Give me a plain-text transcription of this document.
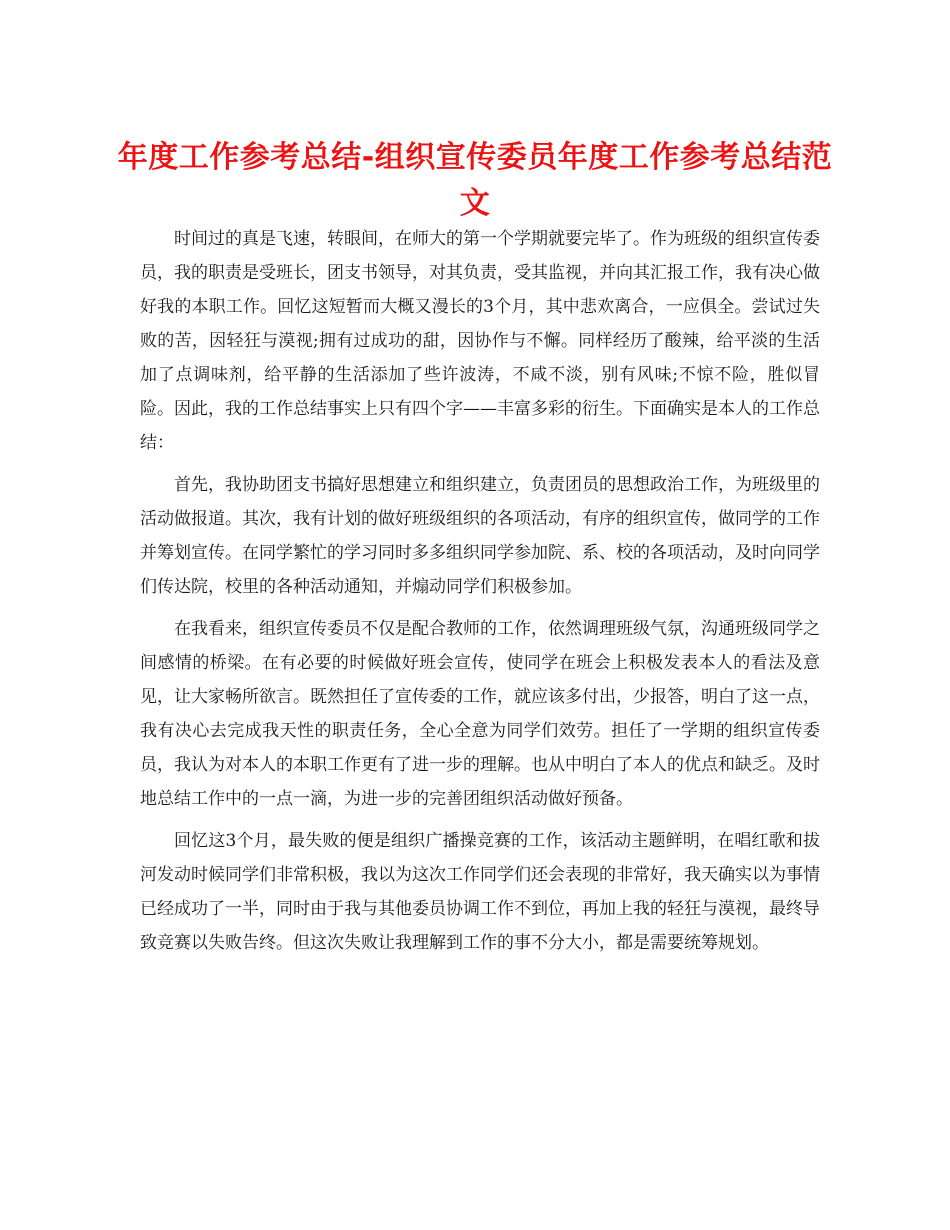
年度工作参考总结-组织宣传委员年度工作参考总结范文

时间过的真是飞速，转眼间，在师大的第一个学期就要完毕了。作为班级的组织宣传委员，我的职责是受班长，团支书领导，对其负责，受其监视，并向其汇报工作，我有决心做好我的本职工作。回忆这短暂而大概又漫长的3个月，其中悲欢离合，一应俱全。尝试过失败的苦，因轻狂与漠视;拥有过成功的甜，因协作与不懈。同样经历了酸辣，给平淡的生活加了点调味剂，给平静的生活添加了些许波涛，不咸不淡，别有风味;不惊不险，胜似冒险。因此，我的工作总结事实上只有四个字——丰富多彩的衍生。下面确实是本人的工作总结：

首先，我协助团支书搞好思想建立和组织建立，负责团员的思想政治工作，为班级里的活动做报道。其次，我有计划的做好班级组织的各项活动，有序的组织宣传，做同学的工作并筹划宣传。在同学繁忙的学习同时多多组织同学参加院、系、校的各项活动，及时向同学们传达院，校里的各种活动通知，并煽动同学们积极参加。

在我看来，组织宣传委员不仅是配合教师的工作，依然调理班级气氛，沟通班级同学之间感情的桥梁。在有必要的时候做好班会宣传，使同学在班会上积极发表本人的看法及意见，让大家畅所欲言。既然担任了宣传委的工作，就应该多付出，少报答，明白了这一点，我有决心去完成我天性的职责任务，全心全意为同学们效劳。担任了一学期的组织宣传委员，我认为对本人的本职工作更有了进一步的理解。也从中明白了本人的优点和缺乏。及时地总结工作中的一点一滴，为进一步的完善团组织活动做好预备。

回忆这3个月，最失败的便是组织广播操竞赛的工作，该活动主题鲜明，在唱红歌和拔河发动时候同学们非常积极，我以为这次工作同学们还会表现的非常好，我天确实以为事情已经成功了一半，同时由于我与其他委员协调工作不到位，再加上我的轻狂与漠视，最终导致竞赛以失败告终。但这次失败让我理解到工作的事不分大小，都是需要统筹规划。
